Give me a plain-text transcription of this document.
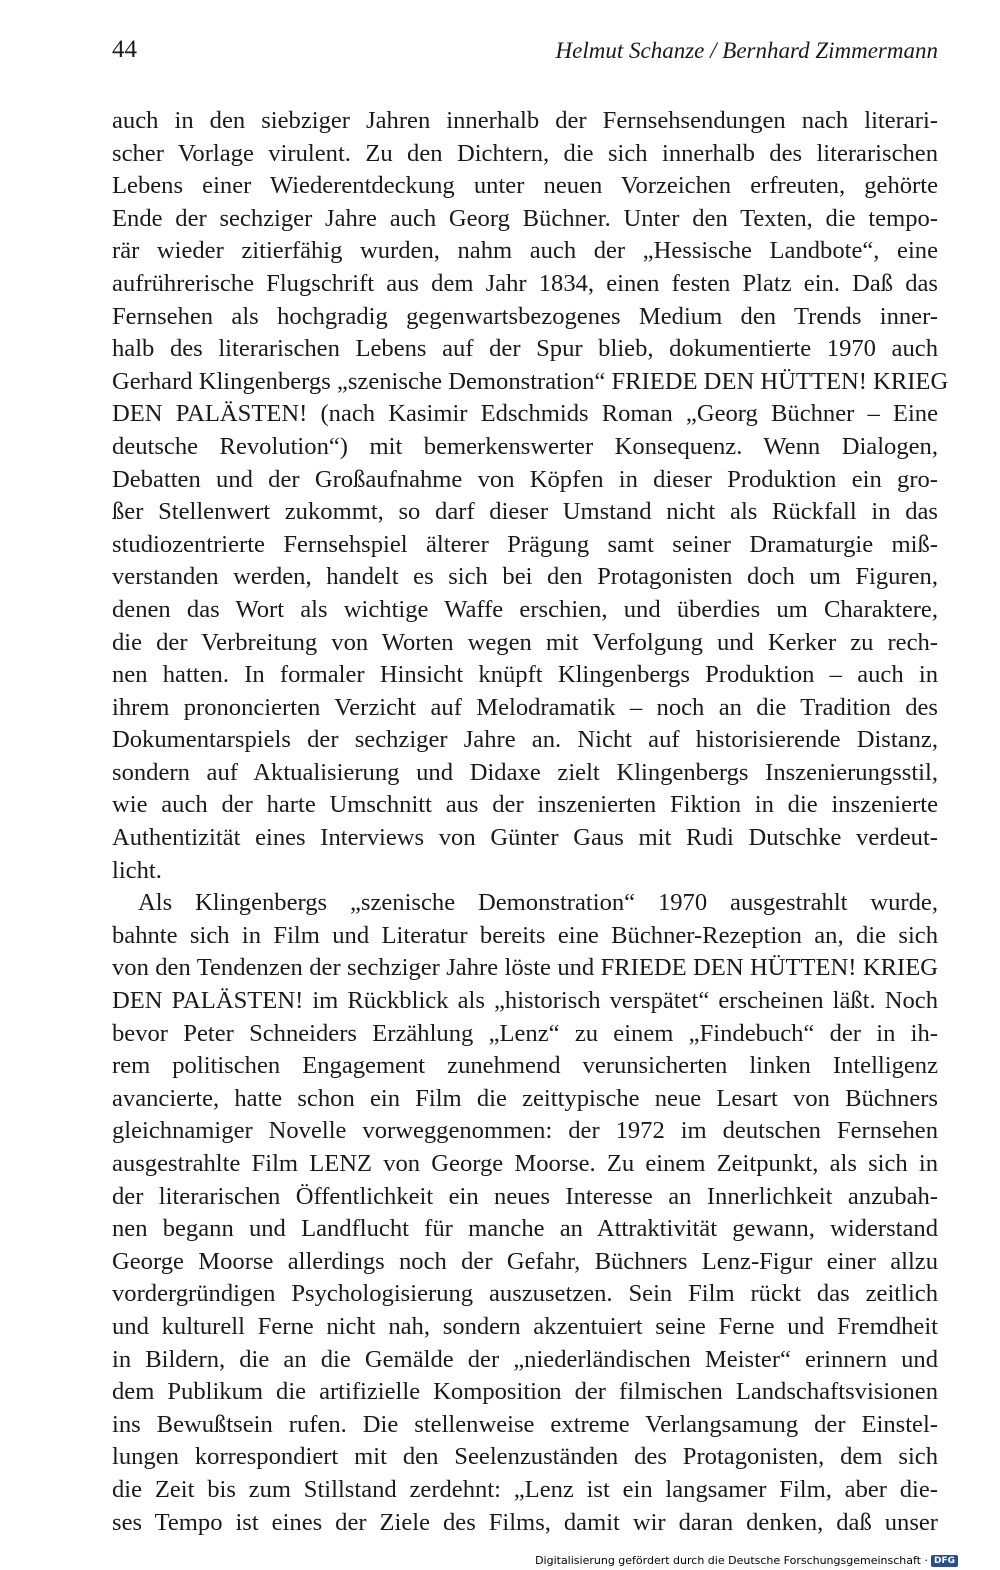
44	Helmut Schanze / Bernhard Zimmermann
auch in den siebziger Jahren innerhalb der Fernsehsendungen nach literari-
scher Vorlage virulent. Zu den Dichtern, die sich innerhalb des literarischen
Lebens einer Wiederentdeckung unter neuen Vorzeichen erfreuten, gehörte
Ende der sechziger Jahre auch Georg Büchner. Unter den Texten, die tempo-
rär wieder zitierfähig wurden, nahm auch der „Hessische Landbote“, eine
aufrührerische Flugschrift aus dem Jahr 1834, einen festen Platz ein. Daß das
Fernsehen als hochgradig gegenwartsbezogenes Medium den Trends inner-
halb des literarischen Lebens auf der Spur blieb, dokumentierte 1970 auch
Gerhard Klingenbergs „szenische Demonstration“ FRIEDE DEN HÜTTEN! KRIEG
DEN PALÄSTEN! (nach Kasimir Edschmids Roman „Georg Büchner – Eine
deutsche Revolution“) mit bemerkenswerter Konsequenz. Wenn Dialogen,
Debatten und der Großaufnahme von Köpfen in dieser Produktion ein gro-
ßer Stellenwert zukommt, so darf dieser Umstand nicht als Rückfall in das
studiozentrierte Fernsehspiel älterer Prägung samt seiner Dramaturgie miß-
verstanden werden, handelt es sich bei den Protagonisten doch um Figuren,
denen das Wort als wichtige Waffe erschien, und überdies um Charaktere,
die der Verbreitung von Worten wegen mit Verfolgung und Kerker zu rech-
nen hatten. In formaler Hinsicht knüpft Klingenbergs Produktion – auch in
ihrem prononcierten Verzicht auf Melodramatik – noch an die Tradition des
Dokumentarspiels der sechziger Jahre an. Nicht auf historisierende Distanz,
sondern auf Aktualisierung und Didaxe zielt Klingenbergs Inszenierungsstil,
wie auch der harte Umschnitt aus der inszenierten Fiktion in die inszenierte
Authentizität eines Interviews von Günter Gaus mit Rudi Dutschke verdeut-
licht.
Als Klingenbergs „szenische Demonstration“ 1970 ausgestrahlt wurde,
bahnte sich in Film und Literatur bereits eine Büchner-Rezeption an, die sich
von den Tendenzen der sechziger Jahre löste und FRIEDE DEN HÜTTEN! KRIEG
DEN PALÄSTEN! im Rückblick als „historisch verspätet“ erscheinen läßt. Noch
bevor Peter Schneiders Erzählung „Lenz“ zu einem „Findebuch“ der in ih-
rem politischen Engagement zunehmend verunsicherten linken Intelligenz
avancierte, hatte schon ein Film die zeittypische neue Lesart von Büchners
gleichnamiger Novelle vorweggenommen: der 1972 im deutschen Fernsehen
ausgestrahlte Film LENZ von George Moorse. Zu einem Zeitpunkt, als sich in
der literarischen Öffentlichkeit ein neues Interesse an Innerlichkeit anzubah-
nen begann und Landflucht für manche an Attraktivität gewann, widerstand
George Moorse allerdings noch der Gefahr, Büchners Lenz-Figur einer allzu
vordergründigen Psychologisierung auszusetzen. Sein Film rückt das zeitlich
und kulturell Ferne nicht nah, sondern akzentuiert seine Ferne und Fremdheit
in Bildern, die an die Gemälde der „niederländischen Meister“ erinnern und
dem Publikum die artifizielle Komposition der filmischen Landschaftsvisionen
ins Bewußtsein rufen. Die stellenweise extreme Verlangsamung der Einstel-
lungen korrespondiert mit den Seelenzuständen des Protagonisten, dem sich
die Zeit bis zum Stillstand zerdehnt: „Lenz ist ein langsamer Film, aber die-
ses Tempo ist eines der Ziele des Films, damit wir daran denken, daß unser
Digitalisierung gefördert durch die Deutsche Forschungsgemeinschaft · DFG
